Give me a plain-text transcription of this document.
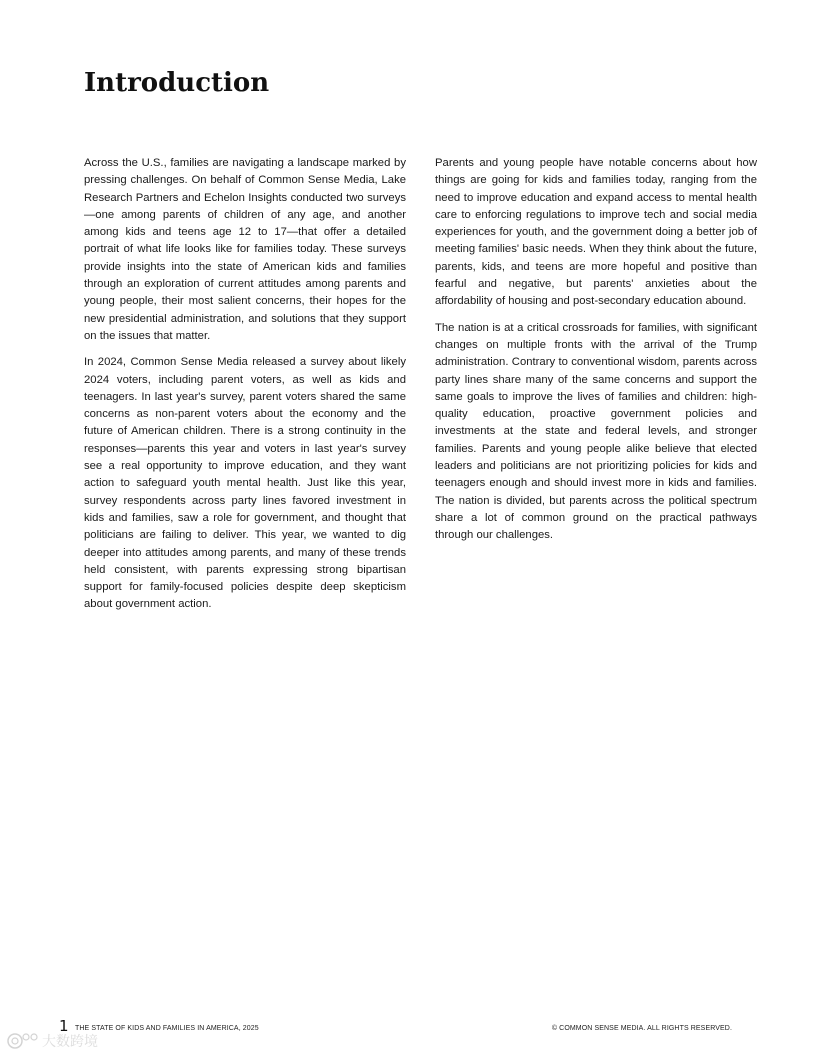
Introduction

Across the U.S., families are navigating a landscape marked by pressing challenges. On behalf of Common Sense Media, Lake Research Partners and Echelon Insights conducted two surveys—one among parents of children of any age, and another among kids and teens age 12 to 17—that offer a detailed portrait of what life looks like for families today. These surveys provide insights into the state of American kids and families through an exploration of current attitudes among parents and young people, their most salient concerns, their hopes for the new presidential administration, and solutions that they support on the issues that matter.

In 2024, Common Sense Media released a survey about likely 2024 voters, including parent voters, as well as kids and teenagers. In last year's survey, parent voters shared the same concerns as non-parent voters about the economy and the future of American children. There is a strong continuity in the responses—parents this year and voters in last year's survey see a real opportunity to improve education, and they want action to safeguard youth mental health. Just like this year, survey respondents across party lines favored investment in kids and families, saw a role for government, and thought that politicians are failing to deliver. This year, we wanted to dig deeper into attitudes among parents, and many of these trends held consistent, with parents expressing strong bipartisan support for family-focused policies despite deep skepticism about government action.

Parents and young people have notable concerns about how things are going for kids and families today, ranging from the need to improve education and expand access to mental health care to enforcing regulations to improve tech and social media experiences for youth, and the government doing a better job of meeting families' basic needs. When they think about the future, parents, kids, and teens are more hopeful and positive than fearful and negative, but parents' anxieties about the affordability of housing and post-secondary education abound.

The nation is at a critical crossroads for families, with significant changes on multiple fronts with the arrival of the Trump administration. Contrary to conventional wisdom, parents across party lines share many of the same concerns and support the same goals to improve the lives of families and children: high-quality education, proactive government policies and investments at the state and federal levels, and stronger families. Parents and young people alike believe that elected leaders and politicians are not prioritizing policies for kids and teenagers enough and should invest more in kids and families. The nation is divided, but parents across the political spectrum share a lot of common ground on the practical pathways through our challenges.

1 THE STATE OF KIDS AND FAMILIES IN AMERICA, 2025	© COMMON SENSE MEDIA. ALL RIGHTS RESERVED.
大数跨境
